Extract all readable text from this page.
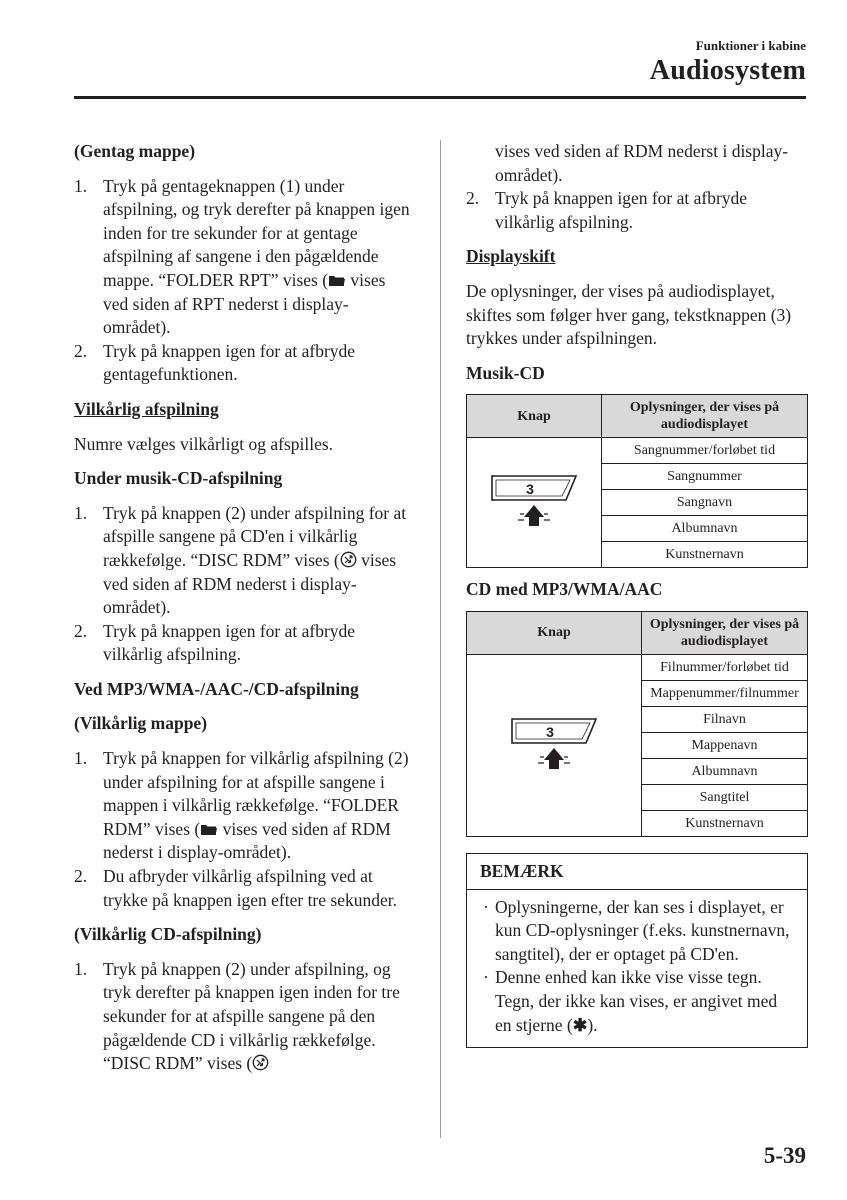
Funktioner i kabine
Audiosystem

(Gentag mappe)

1. Tryk på gentageknappen (1) under afspilning, og tryk derefter på knappen igen inden for tre sekunder for at gentage afspilning af sangene i den pågældende mappe. “FOLDER RPT” vises (
vises ved siden af RPT nederst i display-området).
2. Tryk på knappen igen for at afbryde gentagefunktionen.

Vilkårlig afspilning

Numre vælges vilkårligt og afspilles.

Under musik-CD-afspilning

1. Tryk på knappen (2) under afspilning for at afspille sangene på CD'en i vilkårlig rækkefølge. “DISC RDM” vises ( vises ved siden af RDM nederst i display-området).
2. Tryk på knappen igen for at afbryde vilkårlig afspilning.

Ved MP3/WMA-/AAC-/CD-afspilning

(Vilkårlig mappe)

1. Tryk på knappen for vilkårlig afspilning (2) under afspilning for at afspille sangene i mappen i vilkårlig rækkefølge. “FOLDER RDM” vises (
vises ved siden af RDM nederst i display-området).
2. Du afbryder vilkårlig afspilning ved at trykke på knappen igen efter tre sekunder.

(Vilkårlig CD-afspilning)

1. Tryk på knappen (2) under afspilning, og tryk derefter på knappen igen inden for tre sekunder for at afspille sangene på den pågældende CD i vilkårlig rækkefølge. “DISC RDM” vises (

vises ved siden af RDM nederst i display-området).

2. Tryk på knappen igen for at afbryde vilkårlig afspilning.

Displayskift

De oplysninger, der vises på audiodisplayet, skiftes som følger hver gang, tekstknappen (3) trykkes under afspilningen.

Musik-CD

Knap	Oplysninger, der vises på audiodisplayet

3	Sangnummer/forløbet tid
	Sangnummer
	Sangnavn
	Albumnavn
	Kunstnernavn

CD med MP3/WMA/AAC

Knap	Oplysninger, der vises på audiodisplayet

3	Filnummer/forløbet tid
	Mappenummer/filnummer
	Filnavn
	Mappenavn
	Albumnavn
	Sangtitel
	Kunstnernavn
BEMÆRK
· Oplysningerne, der kan ses i displayet, er kun CD-oplysninger (f.eks. kunstnernavn, sangtitel), der er optaget på CD'en.
· Denne enhed kan ikke vise visse tegn. Tegn, der ikke kan vises, er angivet med en stjerne (✱).
5-39
